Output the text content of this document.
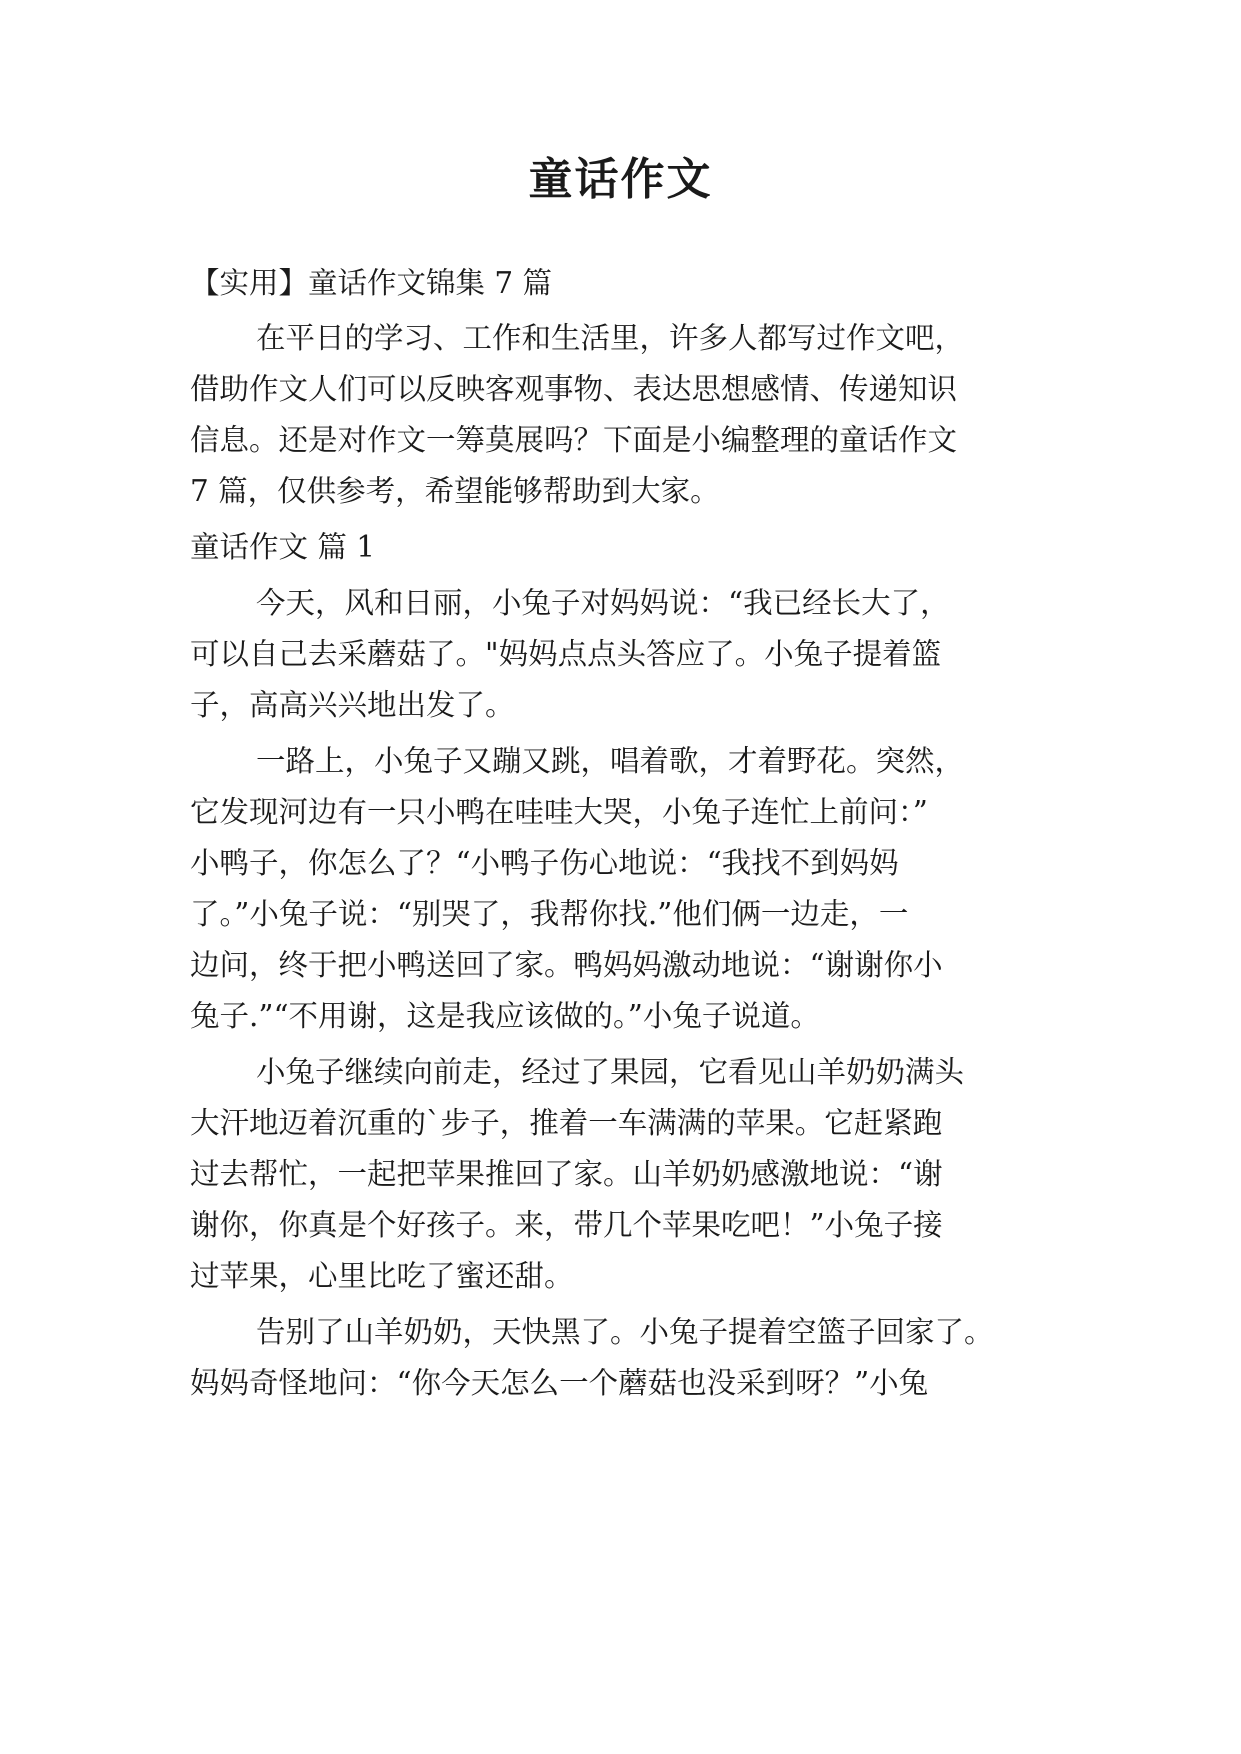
童话作文
【实用】童话作文锦集 7 篇
在平日的学习、工作和生活里，许多人都写过作文吧，
借助作文人们可以反映客观事物、表达思想感情、传递知识
信息。还是对作文一筹莫展吗？下面是小编整理的童话作文
7 篇，仅供参考，希望能够帮助到大家。
童话作文 篇 1
今天，风和日丽，小兔子对妈妈说：“我已经长大了，
可以自己去采蘑菇了。"妈妈点点头答应了。小兔子提着篮
子，高高兴兴地出发了。
一路上，小兔子又蹦又跳，唱着歌，才着野花。突然，
它发现河边有一只小鸭在哇哇大哭，小兔子连忙上前问：”
小鸭子，你怎么了？“小鸭子伤心地说：“我找不到妈妈
了。”小兔子说：“别哭了，我帮你找.”他们俩一边走，一
边问，终于把小鸭送回了家。鸭妈妈激动地说：“谢谢你小
兔子.”“不用谢，这是我应该做的。”小兔子说道。
小兔子继续向前走，经过了果园，它看见山羊奶奶满头
大汗地迈着沉重的`步子，推着一车满满的苹果。它赶紧跑
过去帮忙，一起把苹果推回了家。山羊奶奶感激地说：“谢
谢你，你真是个好孩子。来，带几个苹果吃吧！”小兔子接
过苹果，心里比吃了蜜还甜。
告别了山羊奶奶，天快黑了。小兔子提着空篮子回家了。
妈妈奇怪地问：“你今天怎么一个蘑菇也没采到呀？”小兔
